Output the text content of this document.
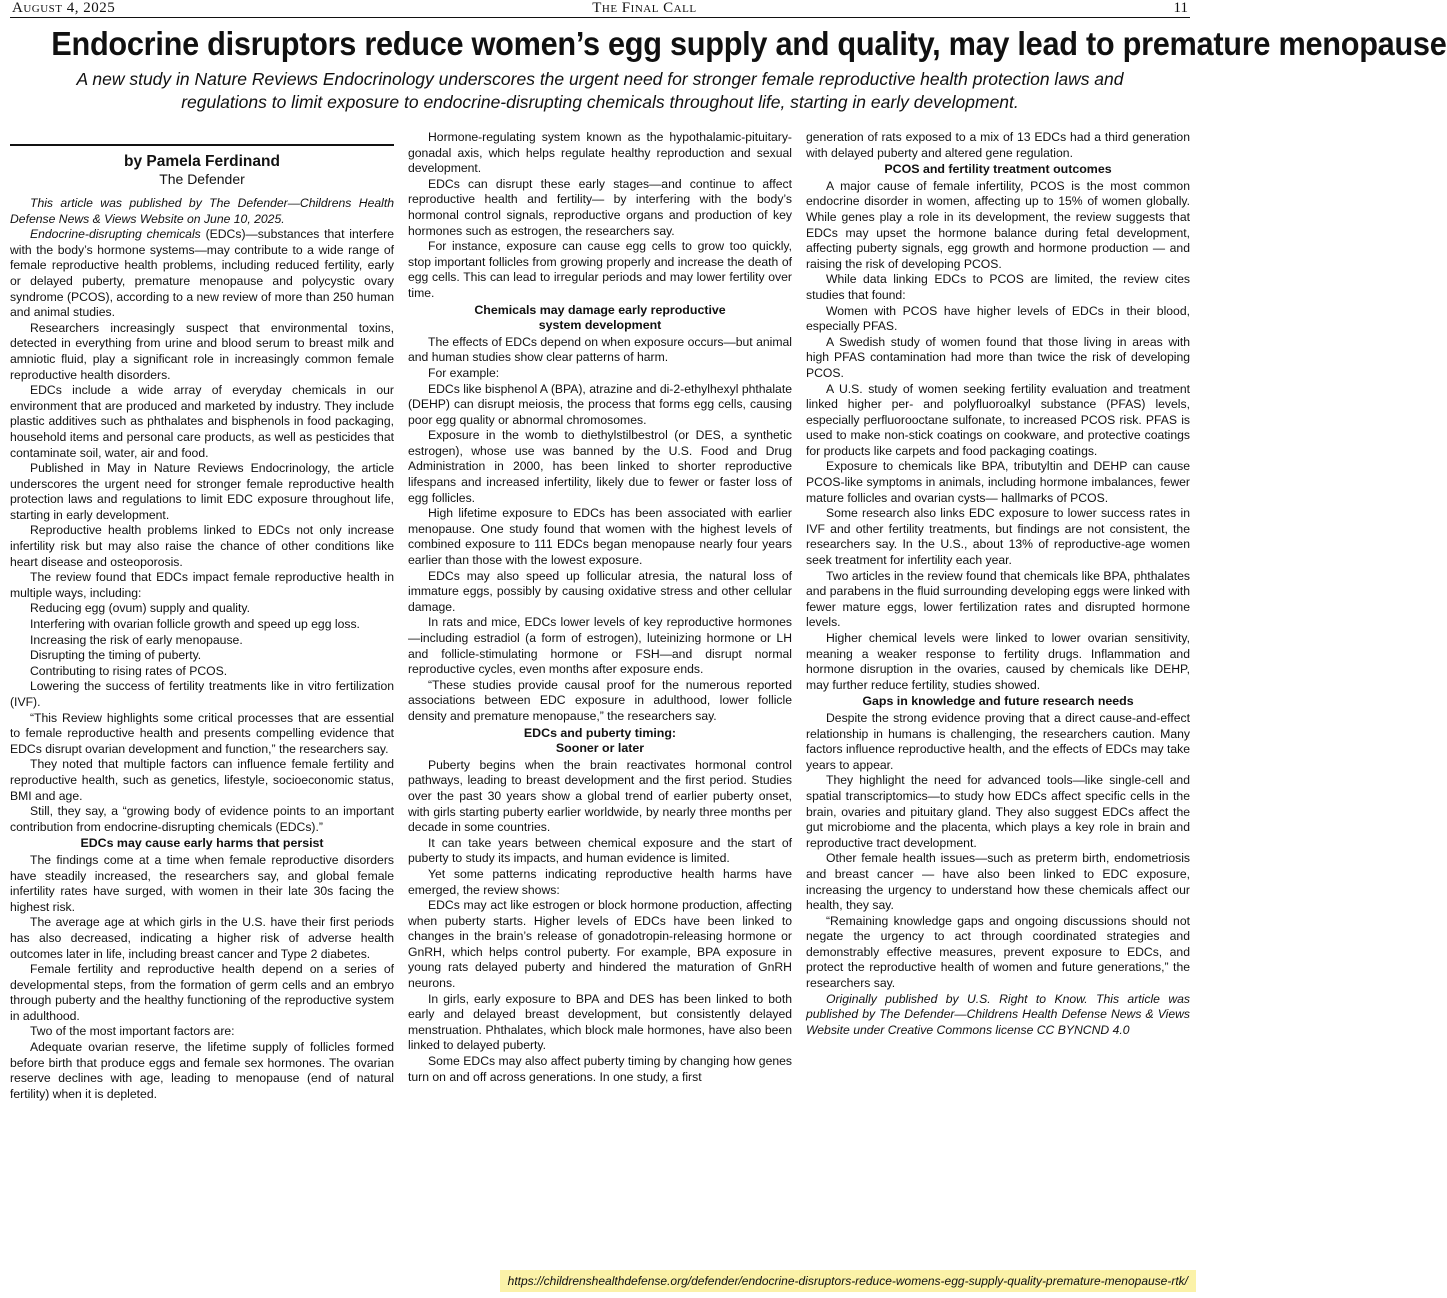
August 4, 2025	The Final Call	11
Endocrine disruptors reduce women’s egg supply and quality, may lead to premature menopause
A new study in Nature Reviews Endocrinology underscores the urgent need for stronger female reproductive health protection laws and regulations to limit exposure to endocrine-disrupting chemicals throughout life, starting in early development.
by Pamela Ferdinand
The Defender

This article was published by The Defender—Childrens Health Defense News & Views Website on June 10, 2025.

Endocrine-disrupting chemicals (EDCs)—substances that interfere with the body’s hormone systems—may contribute to a wide range of female reproductive health problems, including reduced fertility, early or delayed puberty, premature menopause and polycystic ovary syndrome (PCOS), according to a new review of more than 250 human and animal studies.

Researchers increasingly suspect that environmental toxins, detected in everything from urine and blood serum to breast milk and amniotic fluid, play a significant role in increasingly common female reproductive health disorders.

EDCs include a wide array of everyday chemicals in our environment that are produced and marketed by industry. They include plastic additives such as phthalates and bisphenols in food packaging, household items and personal care products, as well as pesticides that contaminate soil, water, air and food.

Published in May in Nature Reviews Endocrinology, the article underscores the urgent need for stronger female reproductive health protection laws and regulations to limit EDC exposure throughout life, starting in early development.

Reproductive health problems linked to EDCs not only increase infertility risk but may also raise the chance of other conditions like heart disease and osteoporosis.

The review found that EDCs impact female reproductive health in multiple ways, including:

Reducing egg (ovum) supply and quality.

Interfering with ovarian follicle growth and speed up egg loss.

Increasing the risk of early menopause.

Disrupting the timing of puberty.

Contributing to rising rates of PCOS.

Lowering the success of fertility treatments like in vitro fertilization (IVF).

“This Review highlights some critical processes that are essential to female reproductive health and presents compelling evidence that EDCs disrupt ovarian development and function,” the researchers say.

They noted that multiple factors can influence female fertility and reproductive health, such as genetics, lifestyle, socioeconomic status, BMI and age.

Still, they say, a “growing body of evidence points to an important contribution from endocrine-disrupting chemicals (EDCs).”

EDCs may cause early harms that persist

The findings come at a time when female reproductive disorders have steadily increased, the researchers say, and global female infertility rates have surged, with women in their late 30s facing the highest risk.

The average age at which girls in the U.S. have their first periods has also decreased, indicating a higher risk of adverse health outcomes later in life, including breast cancer and Type 2 diabetes.

Female fertility and reproductive health depend on a series of developmental steps, from the formation of germ cells and an embryo through puberty and the healthy functioning of the reproductive system in adulthood.

Two of the most important factors are:

Adequate ovarian reserve, the lifetime supply of follicles formed before birth that produce eggs and female sex hormones. The ovarian reserve declines with age, leading to menopause (end of natural fertility) when it is depleted.

Hormone-regulating system known as the hypothalamic-pituitary-gonadal axis, which helps regulate healthy reproduction and sexual development.

EDCs can disrupt these early stages—and continue to affect reproductive health and fertility— by interfering with the body’s hormonal control signals, reproductive organs and production of key hormones such as estrogen, the researchers say.

For instance, exposure can cause egg cells to grow too quickly, stop important follicles from growing properly and increase the death of egg cells. This can lead to irregular periods and may lower fertility over time.

Chemicals may damage early reproductive
system development

The effects of EDCs depend on when exposure occurs—but animal and human studies show clear patterns of harm.

For example:

EDCs like bisphenol A (BPA), atrazine and di-2-ethylhexyl phthalate (DEHP) can disrupt meiosis, the process that forms egg cells, causing poor egg quality or abnormal chromosomes.

Exposure in the womb to diethylstilbestrol (or DES, a synthetic estrogen), whose use was banned by the U.S. Food and Drug Administration in 2000, has been linked to shorter reproductive lifespans and increased infertility, likely due to fewer or faster loss of egg follicles.

High lifetime exposure to EDCs has been associated with earlier menopause. One study found that women with the highest levels of combined exposure to 111 EDCs began menopause nearly four years earlier than those with the lowest exposure.

EDCs may also speed up follicular atresia, the natural loss of immature eggs, possibly by causing oxidative stress and other cellular damage.

In rats and mice, EDCs lower levels of key reproductive hormones—including estradiol (a form of estrogen), luteinizing hormone or LH and follicle-stimulating hormone or FSH—and disrupt normal reproductive cycles, even months after exposure ends.

“These studies provide causal proof for the numerous reported associations between EDC exposure in adulthood, lower follicle density and premature menopause,” the researchers say.

EDCs and puberty timing:
Sooner or later

Puberty begins when the brain reactivates hormonal control pathways, leading to breast development and the first period. Studies over the past 30 years show a global trend of earlier puberty onset, with girls starting puberty earlier worldwide, by nearly three months per decade in some countries.

It can take years between chemical exposure and the start of puberty to study its impacts, and human evidence is limited.

Yet some patterns indicating reproductive health harms have emerged, the review shows:

EDCs may act like estrogen or block hormone production, affecting when puberty starts. Higher levels of EDCs have been linked to changes in the brain’s release of gonadotropin-releasing hormone or GnRH, which helps control puberty. For example, BPA exposure in young rats delayed puberty and hindered the maturation of GnRH neurons.

In girls, early exposure to BPA and DES has been linked to both early and delayed breast development, but consistently delayed menstruation. Phthalates, which block male hormones, have also been linked to delayed puberty.

Some EDCs may also affect puberty timing by changing how genes turn on and off across generations. In one study, a first

generation of rats exposed to a mix of 13 EDCs had a third generation with delayed puberty and altered gene regulation.

PCOS and fertility treatment outcomes

A major cause of female infertility, PCOS is the most common endocrine disorder in women, affecting up to 15% of women globally. While genes play a role in its development, the review suggests that EDCs may upset the hormone balance during fetal development, affecting puberty signals, egg growth and hormone production — and raising the risk of developing PCOS.

While data linking EDCs to PCOS are limited, the review cites studies that found:

Women with PCOS have higher levels of EDCs in their blood, especially PFAS.

A Swedish study of women found that those living in areas with high PFAS contamination had more than twice the risk of developing PCOS.

A U.S. study of women seeking fertility evaluation and treatment linked higher per- and polyfluoroalkyl substance (PFAS) levels, especially perfluorooctane sulfonate, to increased PCOS risk. PFAS is used to make non-stick coatings on cookware, and protective coatings for products like carpets and food packaging coatings.

Exposure to chemicals like BPA, tributyltin and DEHP can cause PCOS-like symptoms in animals, including hormone imbalances, fewer mature follicles and ovarian cysts— hallmarks of PCOS.

Some research also links EDC exposure to lower success rates in IVF and other fertility treatments, but findings are not consistent, the researchers say. In the U.S., about 13% of reproductive-age women seek treatment for infertility each year.

Two articles in the review found that chemicals like BPA, phthalates and parabens in the fluid surrounding developing eggs were linked with fewer mature eggs, lower fertilization rates and disrupted hormone levels.

Higher chemical levels were linked to lower ovarian sensitivity, meaning a weaker response to fertility drugs. Inflammation and hormone disruption in the ovaries, caused by chemicals like DEHP, may further reduce fertility, studies showed.

Gaps in knowledge and future research needs

Despite the strong evidence proving that a direct cause-and-effect relationship in humans is challenging, the researchers caution. Many factors influence reproductive health, and the effects of EDCs may take years to appear.

They highlight the need for advanced tools—like single-cell and spatial transcriptomics—to study how EDCs affect specific cells in the brain, ovaries and pituitary gland. They also suggest EDCs affect the gut microbiome and the placenta, which plays a key role in brain and reproductive tract development.

Other female health issues—such as preterm birth, endometriosis and breast cancer — have also been linked to EDC exposure, increasing the urgency to understand how these chemicals affect our health, they say.

“Remaining knowledge gaps and ongoing discussions should not negate the urgency to act through coordinated strategies and demonstrably effective measures, prevent exposure to EDCs, and protect the reproductive health of women and future generations,” the researchers say.

Originally published by U.S. Right to Know. This article was published by The Defender—Childrens Health Defense News & Views Website under Creative Commons license CC BYNCND 4.0

https://childrenshealthdefense.org/defender/endocrine-disruptors-reduce-womens-egg-supply-quality-premature-menopause-rtk/
